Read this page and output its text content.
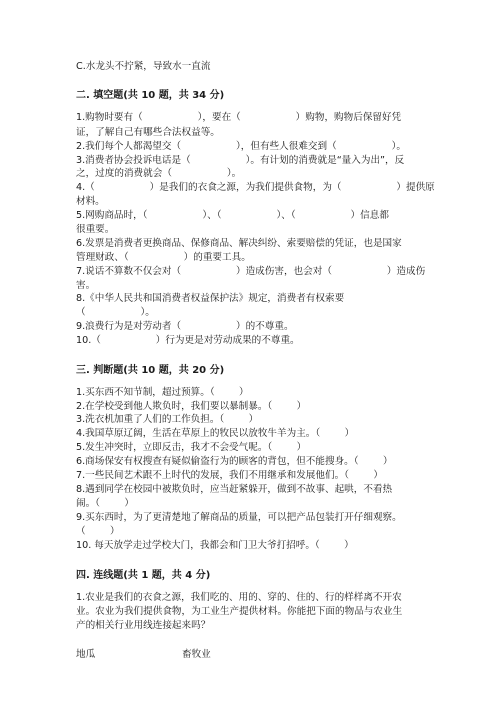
C.水龙头不拧紧，导致水一直流
二. 填空题(共 10 题，共 34 分)
1.购物时要有（                  ），要在（                  ）购物，购物后保留好凭
证，了解自己有哪些合法权益等。
2.我们每个人都渴望交（                  ），但有些人很难交到（                  ）。
3.消费者协会投诉电话是（                  ）。有计划的消费就是“量入为出”，反
之，过度的消费就会（                  ）。
4.（                  ）是我们的衣食之源，为我们提供食物，为（                  ）提供原
材料。
5.网购商品时，（                  ）、（                  ）、（                  ）信息都
很重要。
6.发票是消费者更换商品、保修商品、解决纠纷、索要赔偿的凭证，也是国家
管理财政、（                  ）的重要工具。
7.说话不算数不仅会对（                  ）造成伤害，也会对（                  ）造成伤
害。
8.《中华人民共和国消费者权益保护法》规定，消费者有权索要
（                  ）。
9.浪费行为是对劳动者（                  ）的不尊重。
10.（                  ）行为更是对劳动成果的不尊重。
三. 判断题(共 10 题，共 20 分)
1.买东西不知节制，超过预算。（        ）
2.在学校受到他人欺负时，我们要以暴制暴。（        ）
3.洗衣机加重了人们的工作负担。（        ）
4.我国草原辽阔，生活在草原上的牧民以放牧牛羊为主。（        ）
5.发生冲突时，立即反击，我才不会受气呢。（        ）
6.商场保安有权搜查有疑似偷盗行为的顾客的背包，但不能搜身。（        ）
7.一些民间艺术跟不上时代的发展，我们不用继承和发展他们。（        ）
8.遇到同学在校园中被欺负时，应当赶紧躲开，做到不故事、起哄，不看热
闹。（        ）
9.买东西时，为了更清楚地了解商品的质量，可以把产品包装打开仔细观察。
（        ）
10. 每天放学走过学校大门，我都会和门卫大爷打招呼。（        ）
四. 连线题(共 1 题，共 4 分)
1.农业是我们的衣食之源，我们吃的、用的、穿的、住的、行的样样离不开农
业。农业为我们提供食物，为工业生产提供材料。你能把下面的物品与农业生
产的相关行业用线连接起来吗？
地瓜	畜牧业
